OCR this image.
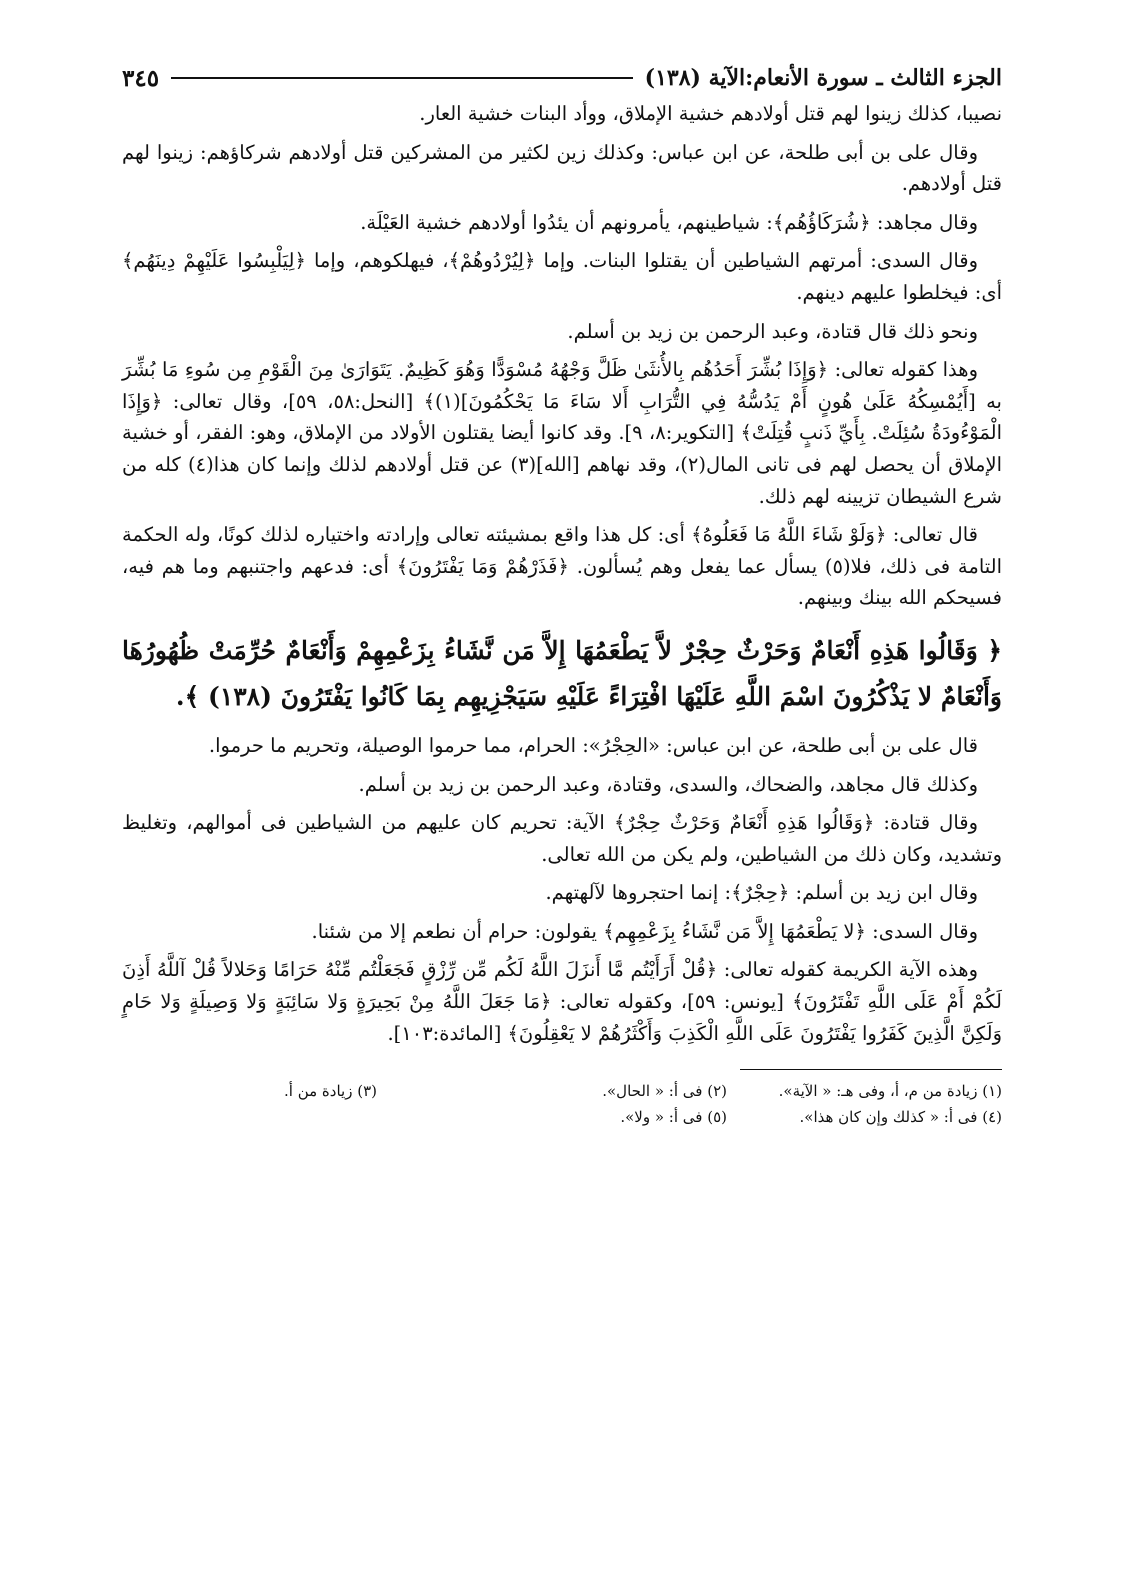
الجزء الثالث ـ سورة الأنعام:الآية (١٣٨)
٣٤٥

نصيبا، كذلك زينوا لهم قتل أولادهم خشية الإملاق، ووأد البنات خشية العار.

وقال على بن أبى طلحة، عن ابن عباس: وكذلك زين لكثير من المشركين قتل أولادهم شركاؤهم: زينوا لهم قتل أولادهم.

وقال مجاهد: ﴿شُرَكَاؤُهُم﴾: شياطينهم، يأمرونهم أن يئدُوا أولادهم خشية العَيْلَة.

وقال السدى: أمرتهم الشياطين أن يقتلوا البنات. وإما ﴿لِيُرْدُوهُمْ﴾، فيهلكوهم، وإما ﴿لِيَلْبِسُوا عَلَيْهِمْ دِينَهُم﴾ أى: فيخلطوا عليهم دينهم.

ونحو ذلك قال قتادة، وعبد الرحمن بن زيد بن أسلم.

وهذا كقوله تعالى: ﴿وَإِذَا بُشِّرَ أَحَدُهُم بِالأُنثَىٰ ظَلَّ وَجْهُهُ مُسْوَدًّا وَهُوَ كَظِيمٌ. يَتَوَارَىٰ مِنَ الْقَوْمِ مِن سُوءِ مَا بُشِّرَ به [أَيُمْسِكُهُ عَلَىٰ هُونٍ أَمْ يَدُسُّهُ فِي التُّرَابِ أَلا سَاءَ مَا يَحْكُمُونَ](١)﴾ [النحل:٥٨، ٥٩]، وقال تعالى: ﴿وَإِذَا الْمَوْءُودَةُ سُئِلَتْ. بِأَيِّ ذَنبٍ قُتِلَتْ﴾ [التكوير:٨، ٩]. وقد كانوا أيضا يقتلون الأولاد من الإملاق، وهو: الفقر، أو خشية الإملاق أن يحصل لهم فى تانى المال(٢)، وقد نهاهم [الله](٣) عن قتل أولادهم لذلك وإنما كان هذا(٤) كله من شرع الشيطان تزيينه لهم ذلك.

قال تعالى: ﴿وَلَوْ شَاءَ اللَّهُ مَا فَعَلُوهُ﴾ أى: كل هذا واقع بمشيئته تعالى وإرادته واختياره لذلك كونًا، وله الحكمة التامة فى ذلك، فلا(٥) يسأل عما يفعل وهم يُسألون. ﴿فَذَرْهُمْ وَمَا يَفْتَرُونَ﴾ أى: فدعهم واجتنبهم وما هم فيه، فسيحكم الله بينك وبينهم.

﴿ وَقَالُوا هَذِهِ أَنْعَامٌ وَحَرْثٌ حِجْرٌ لاَّ يَطْعَمُهَا إِلاَّ مَن نَّشَاءُ بِزَعْمِهِمْ وَأَنْعَامٌ حُرِّمَتْ ظُهُورُهَا وَأَنْعَامٌ لا يَذْكُرُونَ اسْمَ اللَّهِ عَلَيْهَا افْتِرَاءً عَلَيْهِ سَيَجْزِيهِم بِمَا كَانُوا يَفْتَرُونَ (١٣٨) ﴾.

قال على بن أبى طلحة، عن ابن عباس: «الحِجْرُ»: الحرام، مما حرموا الوصيلة، وتحريم ما حرموا.

وكذلك قال مجاهد، والضحاك، والسدى، وقتادة، وعبد الرحمن بن زيد بن أسلم.

وقال قتادة: ﴿وَقَالُوا هَذِهِ أَنْعَامٌ وَحَرْثٌ حِجْرٌ﴾ الآية: تحريم كان عليهم من الشياطين فى أموالهم، وتغليظ وتشديد، وكان ذلك من الشياطين، ولم يكن من الله تعالى.

وقال ابن زيد بن أسلم: ﴿حِجْرٌ﴾: إنما احتجروها لآلهتهم.

وقال السدى: ﴿لا يَطْعَمُهَا إِلاَّ مَن نَّشَاءُ بِزَعْمِهِم﴾ يقولون: حرام أن نطعم إلا من شئنا.

وهذه الآية الكريمة كقوله تعالى: ﴿قُلْ أَرَأَيْتُم مَّا أَنزَلَ اللَّهُ لَكُم مِّن رِّزْقٍ فَجَعَلْتُم مِّنْهُ حَرَامًا وَحَلالاً قُلْ آللَّهُ أَذِنَ لَكُمْ أَمْ عَلَى اللَّهِ تَفْتَرُونَ﴾ [يونس: ٥٩]، وكقوله تعالى: ﴿مَا جَعَلَ اللَّهُ مِنْ بَحِيرَةٍ وَلا سَائِبَةٍ وَلا وَصِيلَةٍ وَلا حَامٍ وَلَكِنَّ الَّذِينَ كَفَرُوا يَفْتَرُونَ عَلَى اللَّهِ الْكَذِبَ وَأَكْثَرُهُمْ لا يَعْقِلُونَ﴾ [المائدة:١٠٣].

(١) زيادة من م، أ، وفى هـ: « الآية».
(٢) فى أ: « الحال».
(٣) زيادة من أ.
(٤) فى أ: « كذلك وإن كان هذا».
(٥) فى أ: « ولا».
